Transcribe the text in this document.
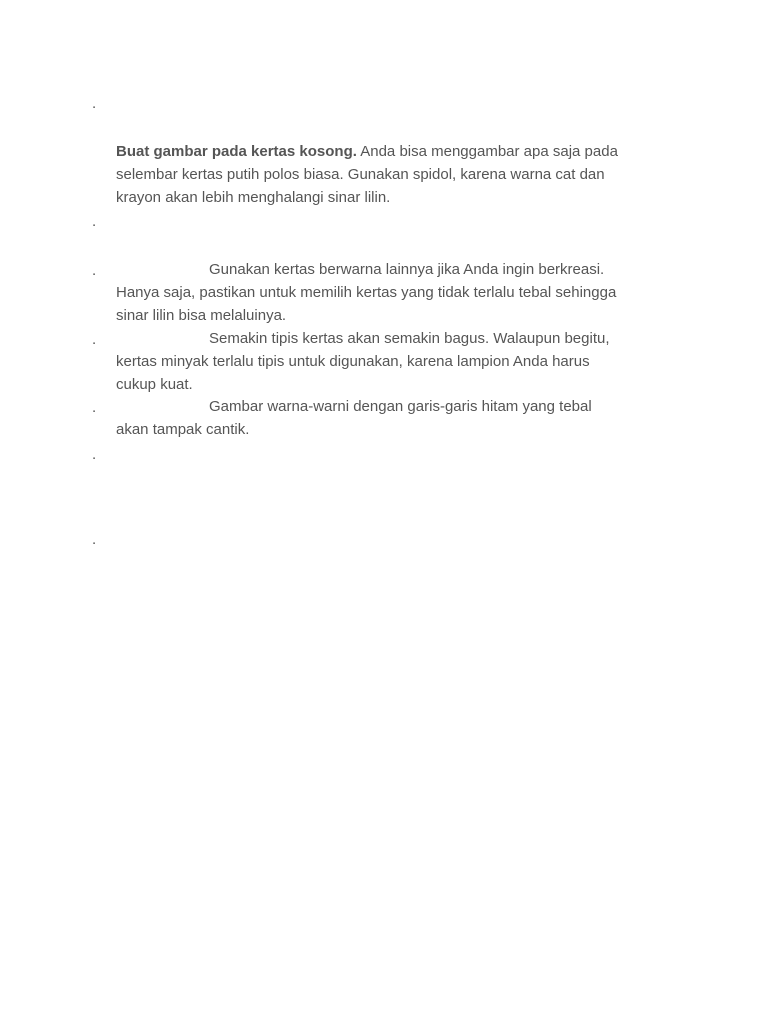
.

Buat gambar pada kertas kosong. Anda bisa menggambar apa saja pada selembar kertas putih polos biasa. Gunakan spidol, karena warna cat dan krayon akan lebih menghalangi sinar lilin.

.
.	Gunakan kertas berwarna lainnya jika Anda ingin berkreasi. Hanya saja, pastikan untuk memilih kertas yang tidak terlalu tebal sehingga sinar lilin bisa melaluinya.

.	Semakin tipis kertas akan semakin bagus. Walaupun begitu, kertas minyak terlalu tipis untuk digunakan, karena lampion Anda harus cukup kuat.

.	Gambar warna-warni dengan garis-garis hitam yang tebal akan tampak cantik.

.
.
